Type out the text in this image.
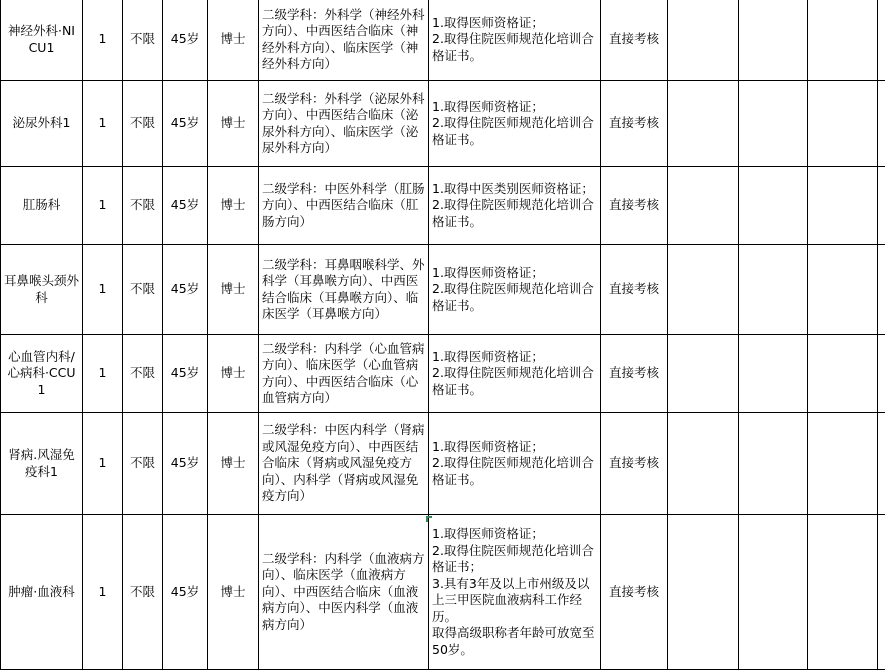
神经外科·NICU1	1	不限	45岁	博士	二级学科：外科学（神经外科方向）、中西医结合临床（神经外科方向）、临床医学（神经外科方向）	1.取得医师资格证；
2.取得住院医师规范化培训合格证书。	直接考核					
泌尿外科1	1	不限	45岁	博士	二级学科：外科学（泌尿外科方向）、中西医结合临床（泌尿外科方向）、临床医学（泌尿外科方向）	1.取得医师资格证；
2.取得住院医师规范化培训合格证书。	直接考核					
肛肠科	1	不限	45岁	博士	二级学科：中医外科学（肛肠方向）、中西医结合临床（肛肠方向）	1.取得中医类别医师资格证；
2.取得住院医师规范化培训合格证书。	直接考核					
耳鼻喉头颈外科	1	不限	45岁	博士	二级学科：耳鼻咽喉科学、外科学（耳鼻喉方向）、中西医结合临床（耳鼻喉方向）、临床医学（耳鼻喉方向）	1.取得医师资格证；
2.取得住院医师规范化培训合格证书。	直接考核					
心血管内科/心病科·CCU1	1	不限	45岁	博士	二级学科：内科学（心血管病方向）、临床医学（心血管病方向）、中西医结合临床（心血管病方向）	1.取得医师资格证；
2.取得住院医师规范化培训合格证书。	直接考核					
肾病.风湿免疫科1	1	不限	45岁	博士	二级学科：中医内科学（肾病或风湿免疫方向）、中西医结合临床（肾病或风湿免疫方向）、内科学（肾病或风湿免疫方向）	1.取得医师资格证；
2.取得住院医师规范化培训合格证书。	直接考核					
肿瘤·血液科	1	不限	45岁	博士	二级学科：内科学（血液病方向）、临床医学（血液病方向）、中西医结合临床（血液病方向）、中医内科学（血液病方向）	1.取得医师资格证；
2.取得住院医师规范化培训合格证书；
3.具有3年及以上市州级及以上三甲医院血液病科工作经历。
取得高级职称者年龄可放宽至50岁。	直接考核					
